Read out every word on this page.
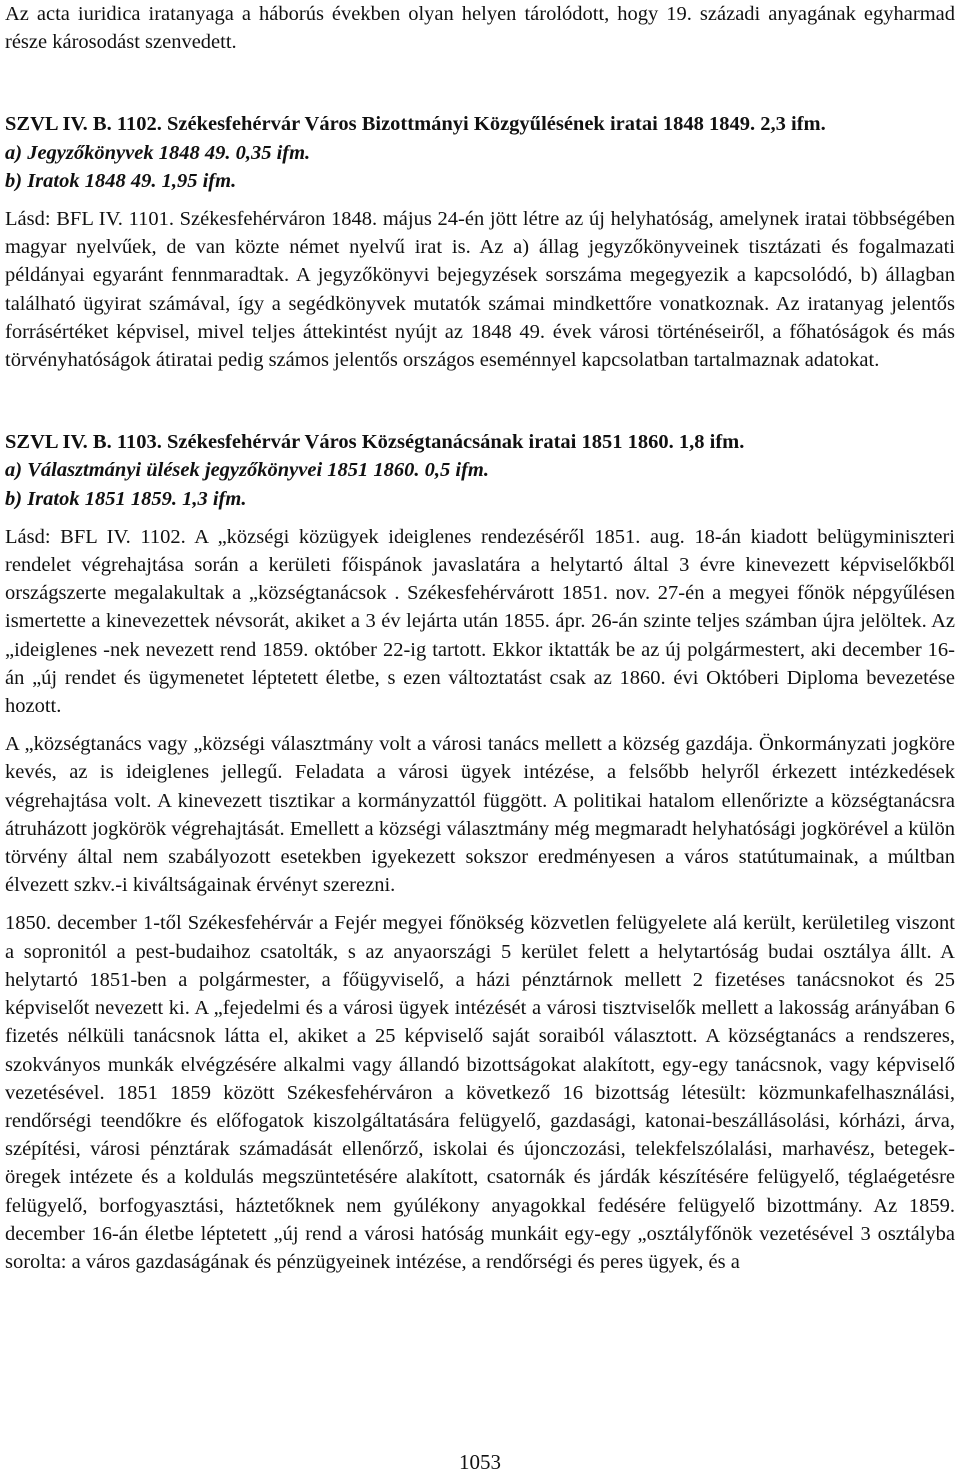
Az acta iuridica iratanyaga a háborús években olyan helyen tárolódott, hogy 19. századi anyagának egyharmad része károsodást szenvedett.

SZVL IV. B. 1102. Székesfehérvár Város Bizottmányi Közgyűlésének iratai 1848 1849. 2,3 ifm.

a) Jegyzőkönyvek 1848 49. 0,35 ifm.

b) Iratok 1848 49. 1,95 ifm.

Lásd: BFL IV. 1101. Székesfehérváron 1848. május 24-én jött létre az új helyhatóság, amelynek iratai többségében magyar nyelvűek, de van közte német nyelvű irat is. Az a) állag jegyzőkönyveinek tisztázati és fogalmazati példányai egyaránt fennmaradtak. A jegyzőkönyvi bejegyzések sorszáma megegyezik a kapcsolódó, b) állagban található ügyirat számával, így a segédkönyvek mutatók számai mindkettőre vonatkoznak. Az iratanyag jelentős forrásértéket képvisel, mivel teljes áttekintést nyújt az 1848 49. évek városi történéseiről, a főhatóságok és más törvényhatóságok átiratai pedig számos jelentős országos eseménnyel kapcsolatban tartalmaznak adatokat.

SZVL IV. B. 1103. Székesfehérvár Város Községtanácsának iratai 1851 1860. 1,8 ifm.

a) Választmányi ülések jegyzőkönyvei 1851 1860. 0,5 ifm.

b) Iratok 1851 1859. 1,3 ifm.

Lásd: BFL IV. 1102. A „községi közügyek ideiglenes rendezéséről 1851. aug. 18-án kiadott belügyminiszteri rendelet végrehajtása során a kerületi főispánok javaslatára a helytartó által 3 évre kinevezett képviselőkből országszerte megalakultak a „községtanácsok . Székesfehérvárott 1851. nov. 27-én a megyei főnök népgyűlésen ismertette a kinevezettek névsorát, akiket a 3 év lejárta után 1855. ápr. 26-án szinte teljes számban újra jelöltek. Az „ideiglenes -nek nevezett rend 1859. október 22-ig tartott. Ekkor iktatták be az új polgármestert, aki december 16-án „új rendet és ügymenetet léptetett életbe, s ezen változtatást csak az 1860. évi Októberi Diploma bevezetése hozott.

A „községtanács vagy „községi választmány volt a városi tanács mellett a község gazdája. Önkormányzati jogköre kevés, az is ideiglenes jellegű. Feladata a városi ügyek intézése, a felsőbb helyről érkezett intézkedések végrehajtása volt. A kinevezett tisztikar a kormányzattól függött. A politikai hatalom ellenőrizte a községtanácsra átruházott jogkörök végrehajtását. Emellett a községi választmány még megmaradt helyhatósági jogkörével a külön törvény által nem szabályozott esetekben igyekezett sokszor eredményesen a város statútumainak, a múltban élvezett szkv.-i kiváltságainak érvényt szerezni.

1850. december 1-től Székesfehérvár a Fejér megyei főnökség közvetlen felügyelete alá került, kerületileg viszont a sopronitól a pest-budaihoz csatolták, s az anyaországi 5 kerület felett a helytartóság budai osztálya állt. A helytartó 1851-ben a polgármester, a főügyviselő, a házi pénztárnok mellett 2 fizetéses tanácsnokot és 25 képviselőt nevezett ki. A „fejedelmi és a városi ügyek intézését a városi tisztviselők mellett a lakosság arányában 6 fizetés nélküli tanácsnok látta el, akiket a 25 képviselő saját soraiból választott. A községtanács a rendszeres, szokványos munkák elvégzésére alkalmi vagy állandó bizottságokat alakított, egy-egy tanácsnok, vagy képviselő vezetésével. 1851 1859 között Székesfehérváron a következő 16 bizottság létesült: közmunkafelhasználási, rendőrségi teendőkre és előfogatok kiszolgáltatására felügyelő, gazdasági, katonai-beszállásolási, kórházi, árva, szépítési, városi pénztárak számadását ellenőrző, iskolai és újonczozási, telekfelszólalási, marhavész, betegek-öregek intézete és a koldulás megszüntetésére alakított, csatornák és járdák készítésére felügyelő, téglaégetésre felügyelő, borfogyasztási, háztetőknek nem gyúlékony anyagokkal fedésére felügyelő bizottmány. Az 1859. december 16-án életbe léptetett „új rend a városi hatóság munkáit egy-egy „osztályfőnök vezetésével 3 osztályba sorolta: a város gazdaságának és pénzügyeinek intézése, a rendőrségi és peres ügyek, és a

1053
